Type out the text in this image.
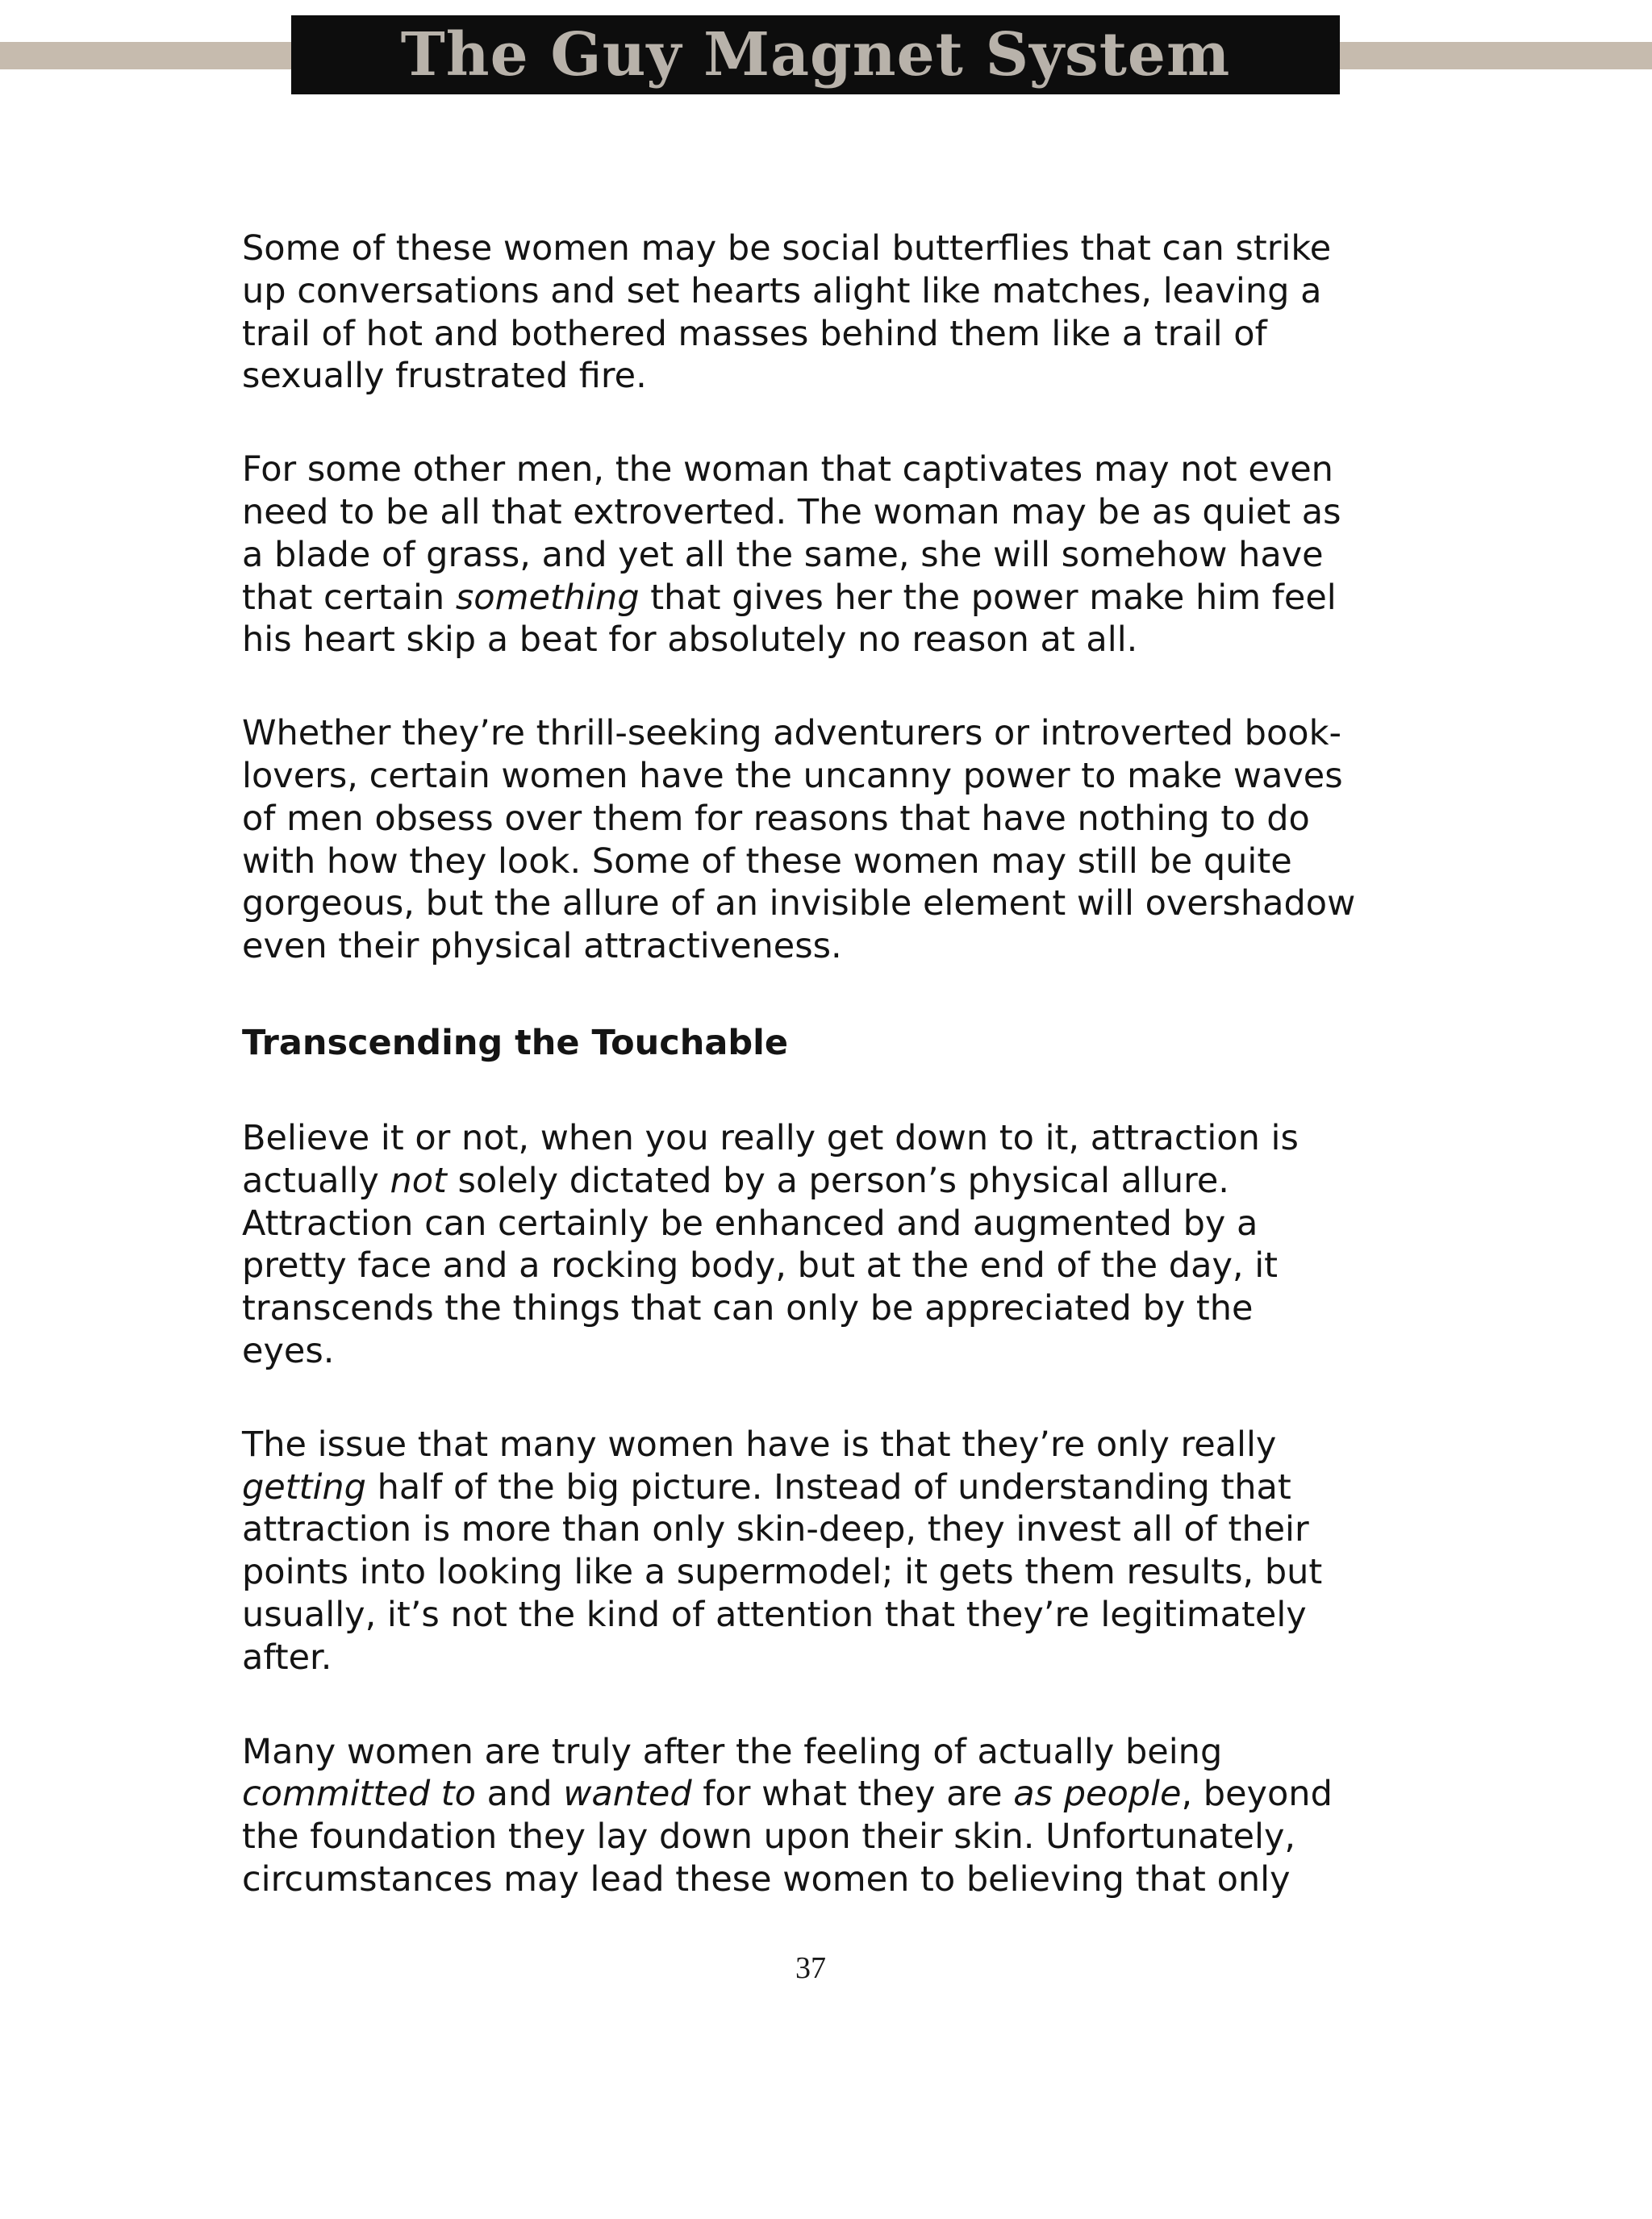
The Guy Magnet System

Some of these women may be social butterflies that can strike
up conversations and set hearts alight like matches, leaving a
trail of hot and bothered masses behind them like a trail of
sexually frustrated fire.

For some other men, the woman that captivates may not even
need to be all that extroverted. The woman may be as quiet as
a blade of grass, and yet all the same, she will somehow have
that certain something that gives her the power make him feel
his heart skip a beat for absolutely no reason at all.

Whether they’re thrill-seeking adventurers or introverted book-
lovers, certain women have the uncanny power to make waves
of men obsess over them for reasons that have nothing to do
with how they look. Some of these women may still be quite
gorgeous, but the allure of an invisible element will overshadow
even their physical attractiveness.

Transcending the Touchable

Believe it or not, when you really get down to it, attraction is
actually not solely dictated by a person’s physical allure.
Attraction can certainly be enhanced and augmented by a
pretty face and a rocking body, but at the end of the day, it
transcends the things that can only be appreciated by the
eyes.

The issue that many women have is that they’re only really
getting half of the big picture. Instead of understanding that
attraction is more than only skin-deep, they invest all of their
points into looking like a supermodel; it gets them results, but
usually, it’s not the kind of attention that they’re legitimately
after.

Many women are truly after the feeling of actually being
committed to and wanted for what they are as people, beyond
the foundation they lay down upon their skin. Unfortunately,
circumstances may lead these women to believing that only

37
